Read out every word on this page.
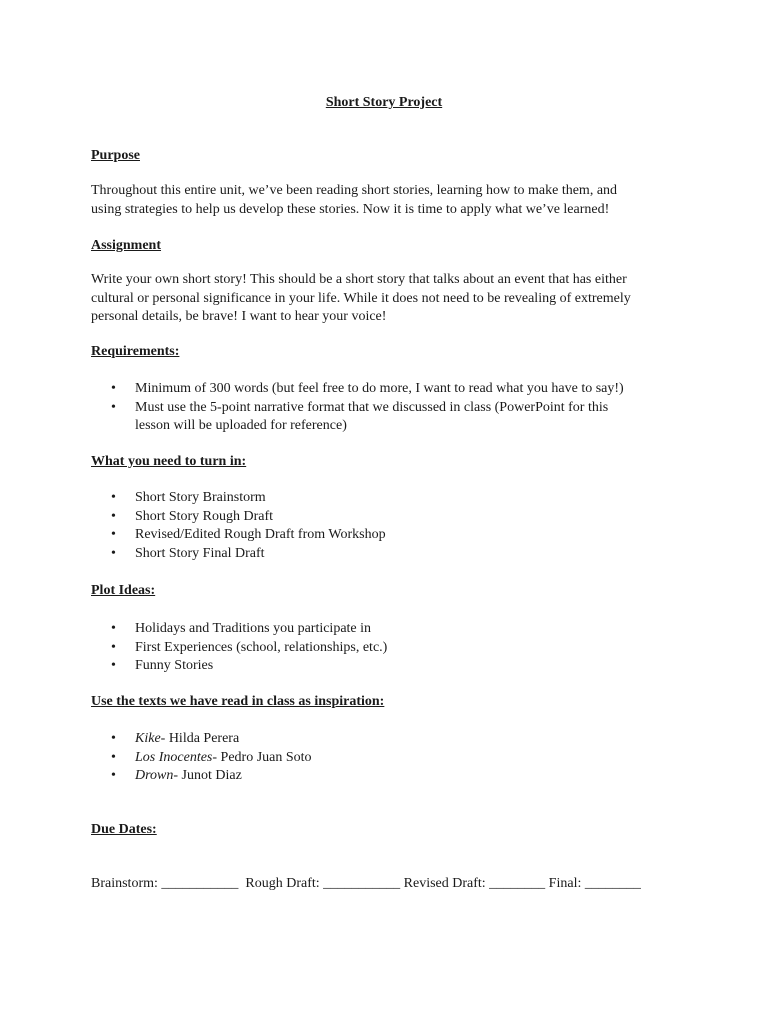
Short Story Project

Purpose

Throughout this entire unit, we’ve been reading short stories, learning how to make them, and

using strategies to help us develop these stories. Now it is time to apply what we’ve learned!

Assignment

Write your own short story! This should be a short story that talks about an event that has either

cultural or personal significance in your life. While it does not need to be revealing of extremely

personal details, be brave! I want to hear your voice!

Requirements:

• Minimum of 300 words (but feel free to do more, I want to read what you have to say!)
• Must use the 5-point narrative format that we discussed in class (PowerPoint for this
lesson will be uploaded for reference)

What you need to turn in:

• Short Story Brainstorm
• Short Story Rough Draft
• Revised/Edited Rough Draft from Workshop
• Short Story Final Draft

Plot Ideas:

• Holidays and Traditions you participate in
• First Experiences (school, relationships, etc.)
• Funny Stories

Use the texts we have read in class as inspiration:

• Kike- Hilda Perera
• Los Inocentes- Pedro Juan Soto
• Drown- Junot Diaz

Due Dates:

Brainstorm: ___________  Rough Draft: ___________ Revised Draft: ________ Final: ________
